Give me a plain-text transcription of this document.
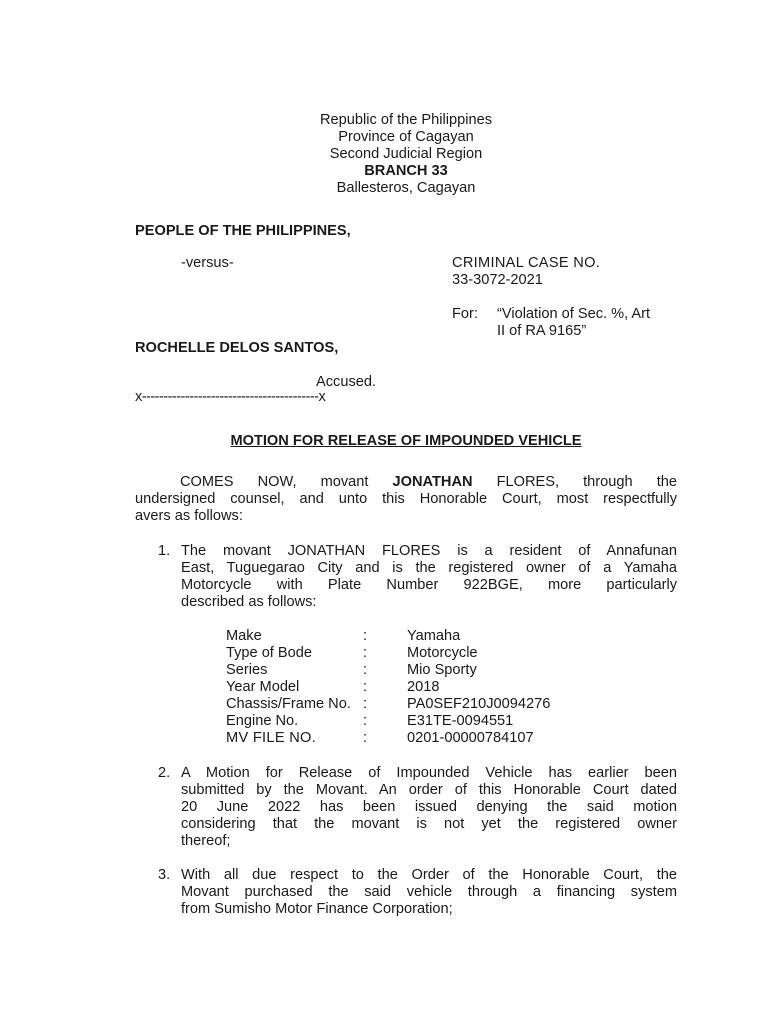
Republic of the Philippines
Province of Cagayan
Second Judicial Region
BRANCH 33
Ballesteros, Cagayan
PEOPLE OF THE PHILIPPINES,
-versus-	CRIMINAL CASE NO.
33-3072-2021
For: “Violation of Sec. %, Art
II of RA 9165”
ROCHELLE DELOS SANTOS,
Accused.
x-----------------------------------------x
MOTION FOR RELEASE OF IMPOUNDED VEHICLE
COMES NOW, movant JONATHAN FLORES, through the
undersigned counsel, and unto this Honorable Court, most respectfully
avers as follows:
1. The movant JONATHAN FLORES is a resident of Annafunan
East, Tuguegarao City and is the registered owner of a Yamaha
Motorcycle with Plate Number 922BGE, more particularly
described as follows:
Make	:	Yamaha
Type of Bode	:	Motorcycle
Series	:	Mio Sporty
Year Model	:	2018
Chassis/Frame No. :	PA0SEF210J0094276
Engine No.	:	E31TE-0094551
MV FILE NO.	:	0201-00000784107
2. A Motion for Release of Impounded Vehicle has earlier been
submitted by the Movant. An order of this Honorable Court dated
20 June 2022 has been issued denying the said motion
considering that the movant is not yet the registered owner
thereof;
3. With all due respect to the Order of the Honorable Court, the
Movant purchased the said vehicle through a financing system
from Sumisho Motor Finance Corporation;
